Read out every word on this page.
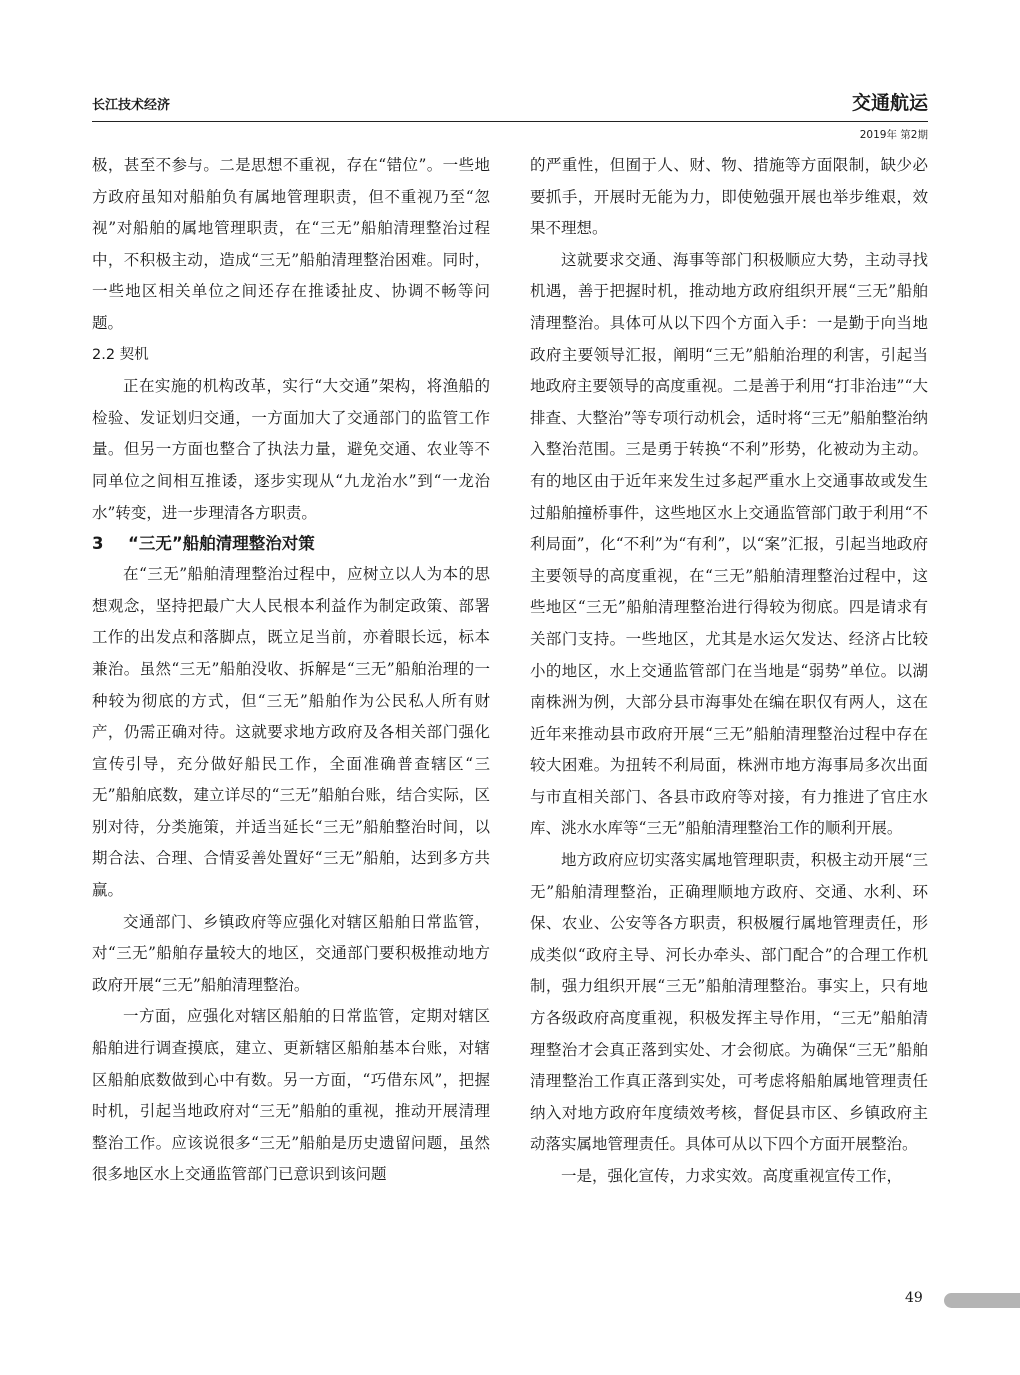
长江技术经济	交通航运
2019年 第2期

极，甚至不参与。二是思想不重视，存在“错位”。一些地方政府虽知对船舶负有属地管理职责，但不重视乃至“忽视”对船舶的属地管理职责，在“三无”船舶清理整治过程中，不积极主动，造成“三无”船舶清理整治困难。同时，一些地区相关单位之间还存在推诿扯皮、协调不畅等问题。

2.2 契机

正在实施的机构改革，实行“大交通”架构，将渔船的检验、发证划归交通，一方面加大了交通部门的监管工作量。但另一方面也整合了执法力量，避免交通、农业等不同单位之间相互推诿，逐步实现从“九龙治水”到“一龙治水”转变，进一步理清各方职责。

3 “三无”船舶清理整治对策

在“三无”船舶清理整治过程中，应树立以人为本的思想观念，坚持把最广大人民根本利益作为制定政策、部署工作的出发点和落脚点，既立足当前，亦着眼长远，标本兼治。虽然“三无”船舶没收、拆解是“三无”船舶治理的一种较为彻底的方式，但“三无”船舶作为公民私人所有财产，仍需正确对待。这就要求地方政府及各相关部门强化宣传引导，充分做好船民工作，全面准确普查辖区“三无”船舶底数，建立详尽的“三无”船舶台账，结合实际，区别对待，分类施策，并适当延长“三无”船舶整治时间，以期合法、合理、合情妥善处置好“三无”船舶，达到多方共赢。

交通部门、乡镇政府等应强化对辖区船舶日常监管，对“三无”船舶存量较大的地区，交通部门要积极推动地方政府开展“三无”船舶清理整治。

一方面，应强化对辖区船舶的日常监管，定期对辖区船舶进行调查摸底，建立、更新辖区船舶基本台账，对辖区船舶底数做到心中有数。另一方面，“巧借东风”，把握时机，引起当地政府对“三无”船舶的重视，推动开展清理整治工作。应该说很多“三无”船舶是历史遗留问题，虽然很多地区水上交通监管部门已意识到该问题

的严重性，但囿于人、财、物、措施等方面限制，缺少必要抓手，开展时无能为力，即使勉强开展也举步维艰，效果不理想。

这就要求交通、海事等部门积极顺应大势，主动寻找机遇，善于把握时机，推动地方政府组织开展“三无”船舶清理整治。具体可从以下四个方面入手：一是勤于向当地政府主要领导汇报，阐明“三无”船舶治理的利害，引起当地政府主要领导的高度重视。二是善于利用“打非治违”“大排查、大整治”等专项行动机会，适时将“三无”船舶整治纳入整治范围。三是勇于转换“不利”形势，化被动为主动。有的地区由于近年来发生过多起严重水上交通事故或发生过船舶撞桥事件，这些地区水上交通监管部门敢于利用“不利局面”，化“不利”为“有利”，以“案”汇报，引起当地政府主要领导的高度重视，在“三无”船舶清理整治过程中，这些地区“三无”船舶清理整治进行得较为彻底。四是请求有关部门支持。一些地区，尤其是水运欠发达、经济占比较小的地区，水上交通监管部门在当地是“弱势”单位。以湖南株洲为例，大部分县市海事处在编在职仅有两人，这在近年来推动县市政府开展“三无”船舶清理整治过程中存在较大困难。为扭转不利局面，株洲市地方海事局多次出面与市直相关部门、各县市政府等对接，有力推进了官庄水库、洮水水库等“三无”船舶清理整治工作的顺利开展。

地方政府应切实落实属地管理职责，积极主动开展“三无”船舶清理整治，正确理顺地方政府、交通、水利、环保、农业、公安等各方职责，积极履行属地管理责任，形成类似“政府主导、河长办牵头、部门配合”的合理工作机制，强力组织开展“三无”船舶清理整治。事实上，只有地方各级政府高度重视，积极发挥主导作用，“三无”船舶清理整治才会真正落到实处、才会彻底。为确保“三无”船舶清理整治工作真正落到实处，可考虑将船舶属地管理责任纳入对地方政府年度绩效考核，督促县市区、乡镇政府主动落实属地管理责任。具体可从以下四个方面开展整治。

一是，强化宣传，力求实效。高度重视宣传工作，

49
